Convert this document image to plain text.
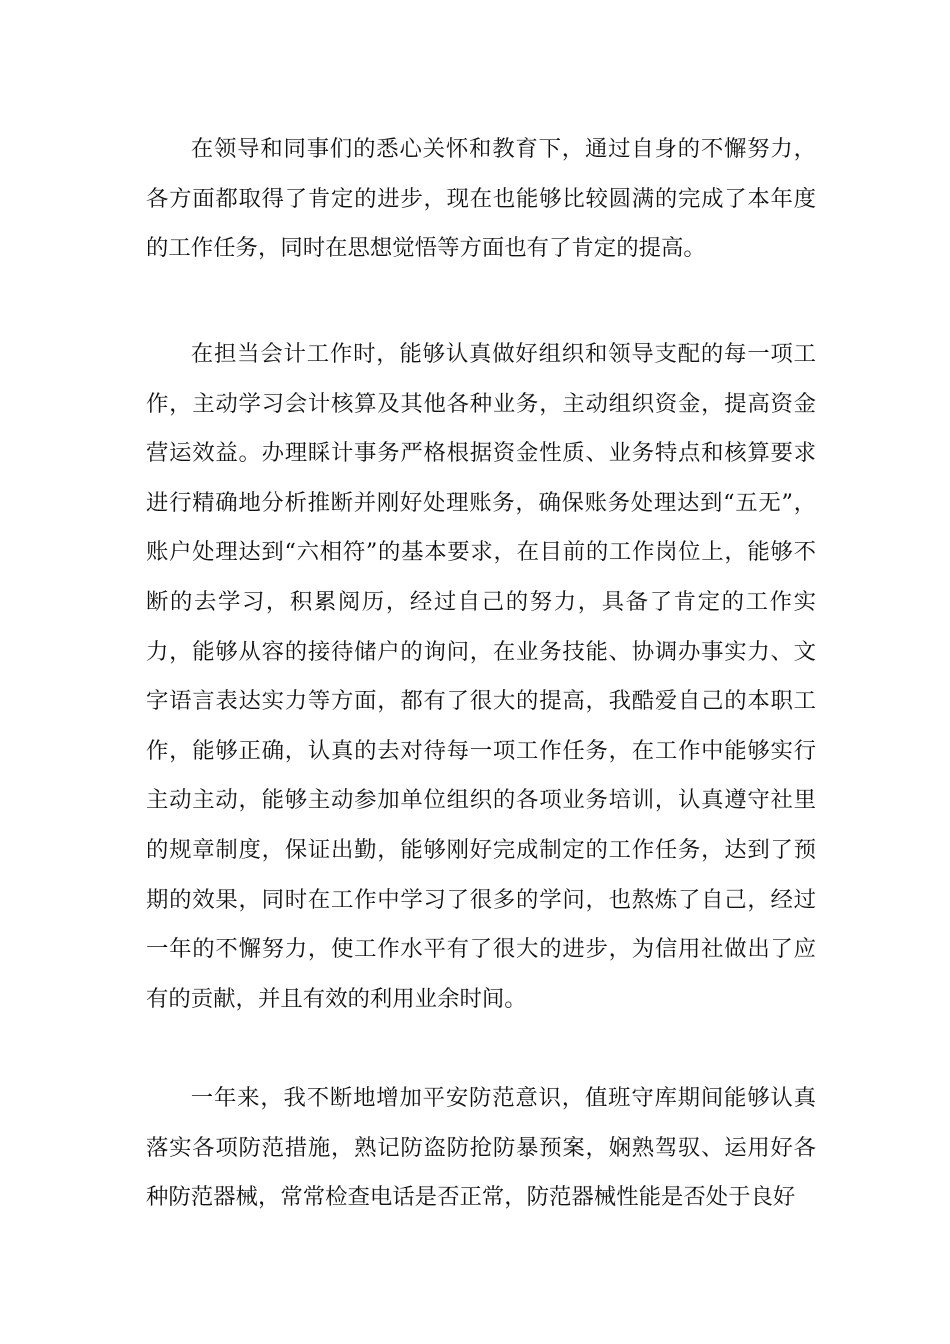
在领导和同事们的悉心关怀和教育下，通过自身的不懈努力，各方面都取得了肯定的进步，现在也能够比较圆满的完成了本年度的工作任务，同时在思想觉悟等方面也有了肯定的提高。

在担当会计工作时，能够认真做好组织和领导支配的每一项工作，主动学习会计核算及其他各种业务，主动组织资金，提高资金营运效益。办理睬计事务严格根据资金性质、业务特点和核算要求进行精确地分析推断并刚好处理账务，确保账务处理达到“五无”，账户处理达到“六相符”的基本要求，在目前的工作岗位上，能够不断的去学习，积累阅历，经过自己的努力，具备了肯定的工作实力，能够从容的接待储户的询问，在业务技能、协调办事实力、文字语言表达实力等方面，都有了很大的提高，我酷爱自己的本职工作，能够正确，认真的去对待每一项工作任务，在工作中能够实行主动主动，能够主动参加单位组织的各项业务培训，认真遵守社里的规章制度，保证出勤，能够刚好完成制定的工作任务，达到了预期的效果，同时在工作中学习了很多的学问，也熬炼了自己，经过一年的不懈努力，使工作水平有了很大的进步，为信用社做出了应有的贡献，并且有效的利用业余时间。

一年来，我不断地增加平安防范意识，值班守库期间能够认真落实各项防范措施，熟记防盗防抢防暴预案，娴熟驾驭、运用好各种防范器械，常常检查电话是否正常，防范器械性能是否处于良好
